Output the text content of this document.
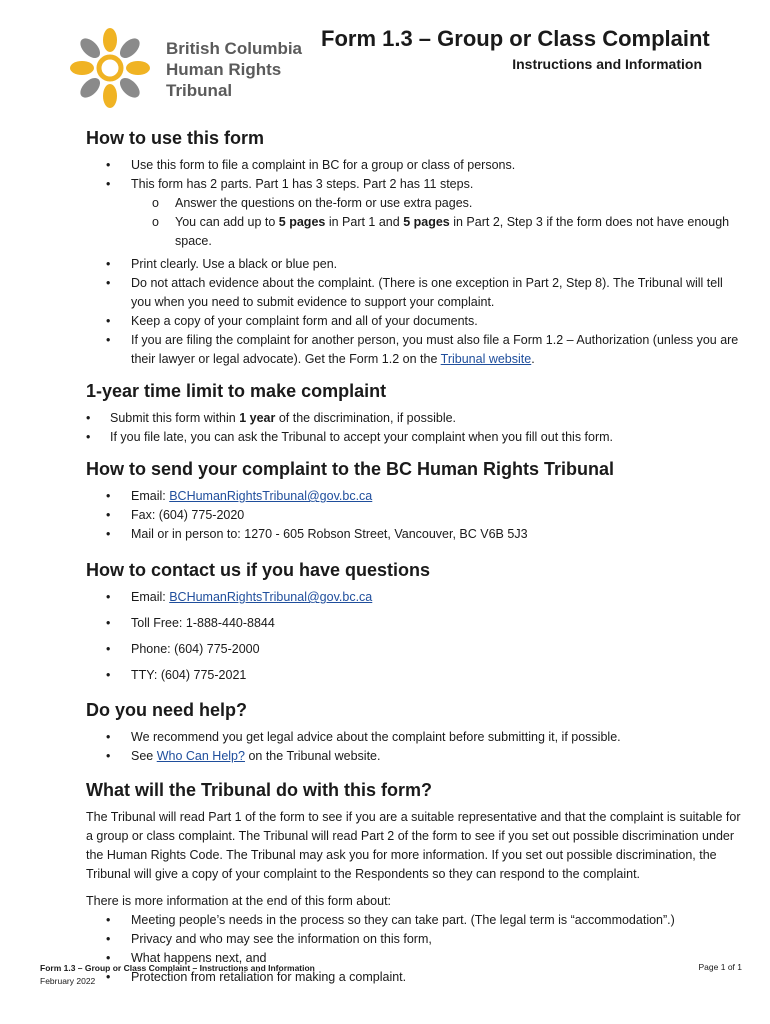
British Columbia
Human Rights
Tribunal
Form 1.3 – Group or Class Complaint
Instructions and Information
How to use this form
• Use this form to file a complaint in BC for a group or class of persons.
• This form has 2 parts. Part 1 has 3 steps. Part 2 has 11 steps.
o Answer the questions on the-form or use extra pages.
o You can add up to 5 pages in Part 1 and 5 pages in Part 2, Step 3 if the form does not have enough space.
• Print clearly. Use a black or blue pen.
• Do not attach evidence about the complaint. (There is one exception in Part 2, Step 8). The Tribunal will tell you when you need to submit evidence to support your complaint.
• Keep a copy of your complaint form and all of your documents.
• If you are filing the complaint for another person, you must also file a Form 1.2 – Authorization (unless you are their lawyer or legal advocate). Get the Form 1.2 on the Tribunal website.
1-year time limit to make complaint
• Submit this form within 1 year of the discrimination, if possible.
• If you file late, you can ask the Tribunal to accept your complaint when you fill out this form.
How to send your complaint to the BC Human Rights Tribunal
• Email: BCHumanRightsTribunal@gov.bc.ca
• Fax: (604) 775-2020
• Mail or in person to: 1270 - 605 Robson Street, Vancouver, BC V6B 5J3
How to contact us if you have questions
• Email: BCHumanRightsTribunal@gov.bc.ca
• Toll Free: 1-888-440-8844
• Phone: (604) 775-2000
• TTY: (604) 775-2021
Do you need help?
• We recommend you get legal advice about the complaint before submitting it, if possible.
• See Who Can Help? on the Tribunal website.
What will the Tribunal do with this form?

The Tribunal will read Part 1 of the form to see if you are a suitable representative and that the complaint is suitable for a group or class complaint. The Tribunal will read Part 2 of the form to see if you set out possible discrimination under the Human Rights Code. The Tribunal may ask you for more information. If you set out possible discrimination, the Tribunal will give a copy of your complaint to the Respondents so they can respond to the complaint.

There is more information at the end of this form about:

• Meeting people’s needs in the process so they can take part. (The legal term is “accommodation”.)
• Privacy and who may see the information on this form,
• What happens next, and
• Protection from retaliation for making a complaint.
Form 1.3 – Group or Class Complaint – Instructions and Information
February 2022
Page 1 of 1
